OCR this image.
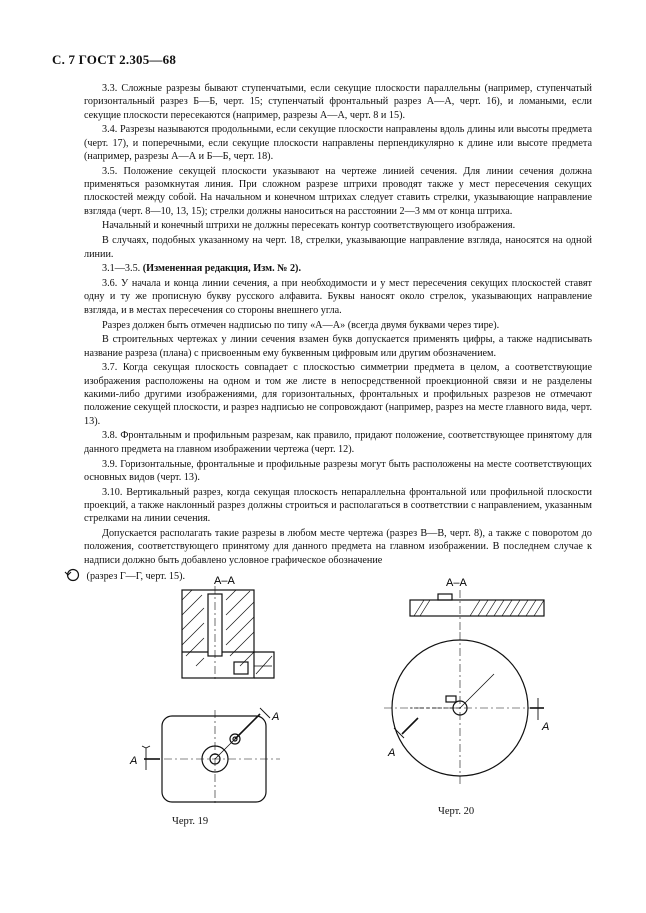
С. 7 ГОСТ 2.305—68

3.3. Сложные разрезы бывают ступенчатыми, если секущие плоскости параллельны (например, ступенчатый горизонтальный разрез Б—Б, черт. 15; ступенчатый фронтальный разрез А—А, черт. 16), и ломаными, если секущие плоскости пересекаются (например, разрезы А—А, черт. 8 и 15).

3.4. Разрезы называются продольными, если секущие плоскости направлены вдоль длины или высоты предмета (черт. 17), и поперечными, если секущие плоскости направлены перпендикулярно к длине или высоте предмета (например, разрезы А—А и Б—Б, черт. 18).

3.5. Положение секущей плоскости указывают на чертеже линией сечения. Для линии сечения должна применяться разомкнутая линия. При сложном разрезе штрихи проводят также у мест пересечения секущих плоскостей между собой. На начальном и конечном штрихах следует ставить стрелки, указывающие направление взгляда (черт. 8—10, 13, 15); стрелки должны наноситься на расстоянии 2—3 мм от конца штриха.

Начальный и конечный штрихи не должны пересекать контур соответствующего изображения.

В случаях, подобных указанному на черт. 18, стрелки, указывающие направление взгляда, наносятся на одной линии.

3.1—3.5. (Измененная редакция, Изм. № 2).

3.6. У начала и конца линии сечения, а при необходимости и у мест пересечения секущих плоскостей ставят одну и ту же прописную букву русского алфавита. Буквы наносят около стрелок, указывающих направление взгляда, и в местах пересечения со стороны внешнего угла.

Разрез должен быть отмечен надписью по типу «А—А» (всегда двумя буквами через тире).

В строительных чертежах у линии сечения взамен букв допускается применять цифры, а также надписывать название разреза (плана) с присвоенным ему буквенным цифровым или другим обозначением.

3.7. Когда секущая плоскость совпадает с плоскостью симметрии предмета в целом, а соответствующие изображения расположены на одном и том же листе в непосредственной проекционной связи и не разделены какими-либо другими изображениями, для горизонтальных, фронтальных и профильных разрезов не отмечают положение секущей плоскости, и разрез надписью не сопровождают (например, разрез на месте главного вида, черт. 13).

3.8. Фронтальным и профильным разрезам, как правило, придают положение, соответствующее принятому для данного предмета на главном изображении чертежа (черт. 12).

3.9. Горизонтальные, фронтальные и профильные разрезы могут быть расположены на месте соответствующих основных видов (черт. 13).

3.10. Вертикальный разрез, когда секущая плоскость непараллельна фронтальной или профильной плоскости проекций, а также наклонный разрез должны строиться и располагаться в соответствии с направлением, указанным стрелками на линии сечения.

Допускается располагать такие разрезы в любом месте чертежа (разрез В—В, черт. 8), а также с поворотом до положения, соответствующего принятому для данного предмета на главном изображении. В последнем случае к надписи должно быть добавлено условное графическое обозначение

(разрез Г—Г, черт. 15).	А–А
А
А
Черт. 19
А–А
А
А
Черт. 20
